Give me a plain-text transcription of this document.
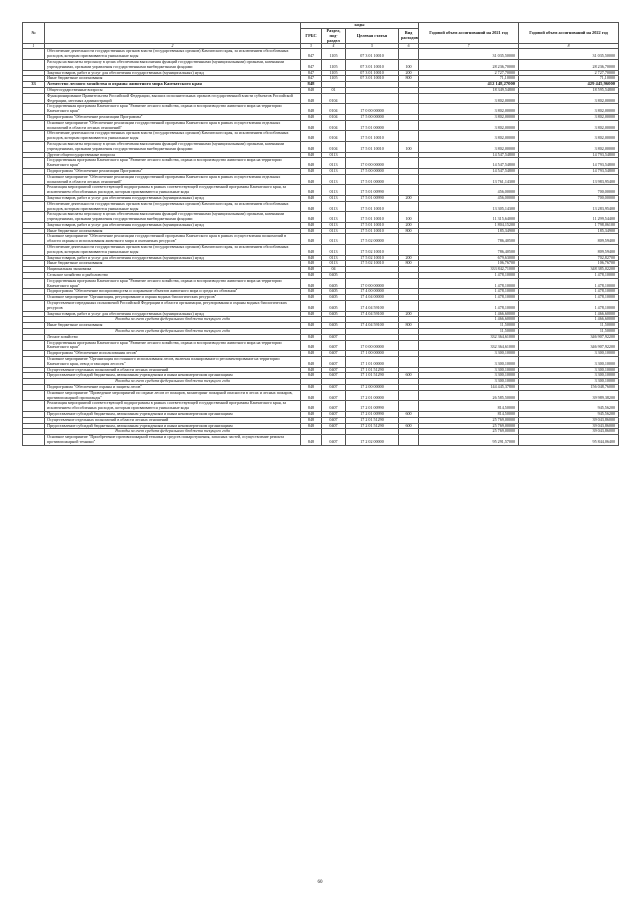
№		коды				Годовой объем ассигнований на 2021 год	Годовой объем ассигнований на 2022 год
		ГРБС	Раздел, под-раздел	Целевая статья	Вид расходов		
1	2	3	4	5	6	7	8
	Обеспечение деятельности государственных органов власти (государственных органов) Камчатского края, за исключением обособленных расходов, которым присваиваются уникальные коды	847	1105	07 3 01 10010		31 035,50000	31 035,50000
	Расходы на выплаты персоналу в целях обеспечения выполнения функций государственными (муниципальными) органами, казенными учреждениями, органами управления государственными внебюджетными фондами	847	1105	07 3 01 10010	100	28 236,70000	28 236,70000
	Закупка товаров, работ и услуг для обеспечения государственных (муниципальных) нужд	847	1105	07 3 01 10010	200	2 727,70000	2 727,70000
	Иные бюджетные ассигнования	847	1105	07 3 01 10010	800	71,10000	71,10000
33	Агентство лесного хозяйства и охраны животного мира Камчатского края	848				412 148,27000	429 445,96000
	Общегосударственные вопросы	848	01			18 349,54800	18 595,54800
	Функционирование Правительства Российской Федерации, высших исполнительных органов государственной власти субъектов Российской Федерации, местных администраций	848	0104			3 802,00000	3 802,00000
	Государственная программа Камчатского края "Развитие лесного хозяйства, охрана и воспроизводство животного мира на территории Камчатского края"	848	0104	17 0 00 00000		3 802,00000	3 802,00000
	Подпрограмма "Обеспечение реализации Программы"	848	0104	17 5 00 00000		3 802,00000	3 802,00000
	Основное мероприятие "Обеспечение реализации государственной программы Камчатского края в рамках осуществления отдельных полномочий в области лесных отношений"	848	0104	17 5 01 00000		3 802,00000	3 802,00000
	Обеспечение деятельности государственных органов власти (государственных органов) Камчатского края, за исключением обособленных расходов, которым присваиваются уникальные коды	848	0104	17 5 01 10010		3 802,00000	3 802,00000
	Расходы на выплаты персоналу в целях обеспечения выполнения функций государственными (муниципальными) органами, казенными учреждениями, органами управления государственными внебюджетными фондами	848	0104	17 5 01 10010	100	3 802,00000	3 802,00000
	Другие общегосударственные вопросы	848	0113			14 547,54800	14 793,54800
	Государственная программа Камчатского края "Развитие лесного хозяйства, охрана и воспроизводство животного мира на территории Камчатского края"	848	0113	17 0 00 00000		14 547,54800	14 793,54800
	Подпрограмма "Обеспечение реализации Программы"	848	0113	17 5 00 00000		14 547,54800	14 793,54800
	Основное мероприятие "Обеспечение реализации государственной программы Камчатского края в рамках осуществления отдельных полномочий в области лесных отношений"	848	0113	17 5 01 00000		13 761,14300	13 983,95400
	Реализация мероприятий соответствующей подпрограммы в рамках соответствующей государственной программы Камчатского края, за исключением обособленных расходов, которым присваиваются уникальные коды	848	0113	17 5 01 00990		456,00000	700,00000
	Закупка товаров, работ и услуг для обеспечения государственных (муниципальных) нужд	848	0113	17 5 01 00990	200	456,00000	700,00000
	Обеспечение деятельности государственных органов власти (государственных органов) Камчатского края, за исключением обособленных расходов, которым присваиваются уникальные коды	848	0113	17 5 01 10010		13 305,14300	13 283,95400
	Расходы на выплаты персоналу в целях обеспечения выполнения функций государственными (муниципальными) органами, казенными учреждениями, органами управления государственными внебюджетными фондами	848	0113	17 5 01 10010	100	11 315,64000	11 299,54400
	Закупка товаров, работ и услуг для обеспечения государственных (муниципальных) нужд	848	0113	17 5 01 10010	200	1 804,15200	1 798,06100
	Иные бюджетные ассигнования	848	0113	17 5 01 10010	800	185,34900	185,34900
	Основное мероприятие "Обеспечение реализации государственной программы Камчатского края в рамках осуществления полномочий в области охраны и использования животного мира и охотничьих ресурсов"	848	0113	17 5 02 00000		786,40500	809,59400
	Обеспечение деятельности государственных органов власти (государственных органов) Камчатского края, за исключением обособленных расходов, которым присваиваются уникальные коды	848	0113	17 5 02 10010		786,40500	809,59400
	Закупка товаров, работ и услуг для обеспечения государственных (муниципальных) нужд	848	0113	17 5 02 10010	200	679,63000	702,82700
	Иные бюджетные ассигнования	848	0113	17 5 02 10010	800	106,76700	106,76700
	Национальная экономика	848	04			333 842,71000	348 385,02200
	Сельское хозяйство и рыболовство	848	0405			1 478,10000	1 478,10000
	Государственная программа Камчатского края "Развитие лесного хозяйства, охрана и воспроизводство животного мира на территории Камчатского края"	848	0405	17 0 00 00000		1 478,10000	1 478,10000
	Подпрограмма "Обеспечение воспроизводства и сохранение объектов животного мира и среды их обитания"	848	0405	17 4 00 00000		1 478,10000	1 478,10000
	Основное мероприятие "Организация, регулирование и охрана водных биологических ресурсов"	848	0405	17 4 04 00000		1 478,10000	1 478,10000
	Осуществление переданных полномочий Российской Федерации в области организации, регулирования и охраны водных биологических ресурсов	848	0405	17 4 04 59100		1 478,10000	1 478,10000
	Закупка товаров, работ и услуг для обеспечения государственных (муниципальных) нужд	848	0405	17 4 04 59100	200	1 466,60000	1 466,60000
	Расходы за счет средств федерального бюджета текущего года					1 466,60000	1 466,60000
	Иные бюджетные ассигнования	848	0405	17 4 04 59100	800	11,50000	11,50000
	Расходы за счет средств федерального бюджета текущего года					11,50000	11,50000
	Лесное хозяйство	848	0407			332 364,61000	346 907,92200
	Государственная программа Камчатского края "Развитие лесного хозяйства, охрана и воспроизводство животного мира на территории Камчатского края"	848	0407	17 0 00 00000		332 364,61000	346 907,92200
	Подпрограмма "Обеспечение использования лесов"	848	0407	17 1 00 00000		3 300,10000	3 300,10000
	Основное мероприятие "Организация постоянного использования лесов, включая планирование и регламентирование на территории Камчатского края, отвод и таксация лесосек"	848	0407	17 1 01 00000		3 300,10000	3 300,10000
	Осуществление отдельных полномочий в области лесных отношений	848	0407	17 1 01 51290		3 300,10000	3 300,10000
	Предоставление субсидий бюджетным, автономным учреждениям и иным некоммерческим организациям	848	0407	17 1 01 51290	600	3 300,10000	3 300,10000
	Расходы за счет средств федерального бюджета текущего года					3 300,10000	3 300,10000
	Подпрограмма "Обеспечение охраны и защиты лесов"	848	0407	17 2 00 00000		144 445,37800	156 048,76000
	Основное мероприятие "Проведение мероприятий по охране лесов от пожаров, мониторинг пожарной опасности в лесах и лесных пожаров, противопожарной пропаганды"	848	0407	17 2 01 00000		26 585,50000	39 989,38200
	Реализация мероприятий соответствующей подпрограммы в рамках соответствующей государственной программы Камчатского края, за исключением обособленных расходов, которым присваиваются уникальные коды	848	0407	17 2 01 00990		814,50000	945,56200
	Предоставление субсидий бюджетным, автономным учреждениям и иным некоммерческим организациям	848	0407	17 2 01 00990	600	814,50000	945,56200
	Осуществление отдельных полномочий в области лесных отношений	848	0407	17 2 01 51290		25 769,00000	39 043,86000
	Предоставление субсидий бюджетным, автономным учреждениям и иным некоммерческим организациям	848	0407	17 2 01 51290	600	25 769,00000	39 043,86000
	Расходы за счет средств федерального бюджета текущего года					25 769,00000	39 043,86000
	Основное мероприятие "Приобретение противопожарной техники и средств пожаротушения, запасных частей, осуществление ремонта противопожарной техники"	848	0407	17 2 02 00000		95 291,57000	95 844,06400
60
